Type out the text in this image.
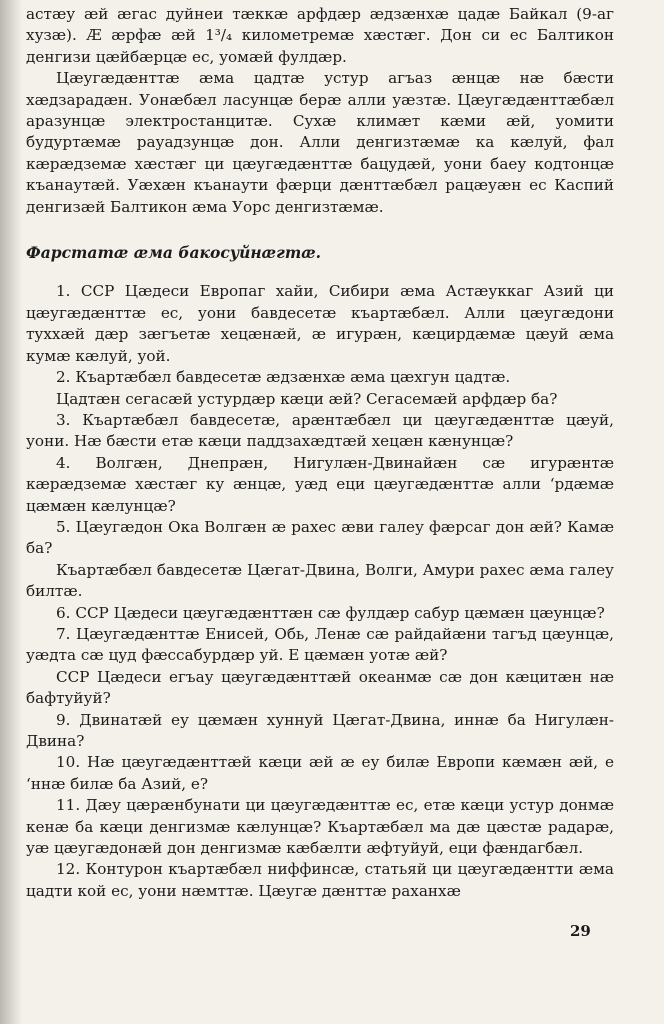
астæу æй æгас дуйнеи тæккæ арфдæр æдзæнхæ цадæ Байкал (9-аг хузæ). Æ æрфæ æй 1³/₄ километремæ хæстæг. Дон си ес Балтикон денгизи цæйбæрцæ ес, уомæй фулдæр.

Цæугæдæнттæ æма цадтæ устур агъаз æнцæ нæ бæсти хæдзарадæн. Уонæбæл ласунцæ берæ алли уæзтæ. Цæугæдæнттæбæл аразунцæ электростанцитæ. Сухæ климæт кæми æй, уомити будуртæмæ рауадзунцæ дон. Алли денгизтæмæ ка кæлуй, фал кæрæдземæ хæстæг ци цæугæдæнттæ бацудæй, уони баеу кодтонцæ къанаутæй. Уæхæн къанаути фæрци дæнттæбæл рацæуæн ес Каспий денгизæй Балтикон æма Уорс денгизтæмæ.

Фарстатæ æма бакосуйнæгтæ.

1. ССР Цæдеси Европаг хайи, Сибири æма Астæуккаг Азий ци цæугæдæнттæ ес, уони бавдесетæ къартæбæл. Алли цæугæдони туххæй дæр зæгъетæ хецæнæй, æ игурæн, кæцирдæмæ цæуй æма кумæ кæлуй, уой.

2. Къартæбæл бавдесетæ æдзæнхæ æма цæхгун цадтæ.

Цадтæн сегасæй устурдæр кæци æй? Сегасемæй арфдæр ба?

3. Къартæбæл бавдесетæ, арæнтæбæл ци цæугæдæнттæ цæуй, уони. Нæ бæсти етæ кæци паддзахæдтæй хецæн кæнунцæ?

4. Волгæн, Днепрæн, Нигулæн-Двинайæн сæ игурæнтæ кæрæдземæ хæстæг ку æнцæ, уæд еци цæугæдæнттæ алли ʻрдæмæ цæмæн кæлунцæ?

5. Цæугæдон Ока Волгæн æ рахес æви галеу фæрсаг дон æй? Камæ ба?

Къартæбæл бавдесетæ Цæгат-Двина, Волги, Амури рахес æма галеу билтæ.

6. ССР Цæдеси цæугæдæнттæн сæ фулдæр сабур цæмæн цæунцæ?

7. Цæугæдæнттæ Енисей, Обь, Ленæ сæ райдайæни тагъд цæунцæ, уæдта сæ цуд фæссабурдæр уй. Е цæмæн уотæ æй?

ССР Цæдеси егъау цæугæдæнттæй океанмæ сæ дон кæцитæн нæ бафтуйуй?

9. Двинатæй еу цæмæн хуннуй Цæгат-Двина, иннæ ба Нигулæн-Двина?

10. Нæ цæугæдæнттæй кæци æй æ еу билæ Европи кæмæн æй, е ʻннæ билæ ба Азий, е?

11. Дæу цæрæнбунати ци цæугæдæнттæ ес, етæ кæци устур донмæ кенæ ба кæци денгизмæ кæлунцæ? Къартæбæл ма дæ цæстæ радарæ, уæ цæугæдонæй дон денгизмæ кæбæлти æфтуйуй, еци фæндагбæл.

12. Контурон къартæбæл ниффинсæ, статьяй ци цæугæдæнтти æма цадти кой ес, уони нæмттæ. Цæугæ дæнттæ раханхæ

29
